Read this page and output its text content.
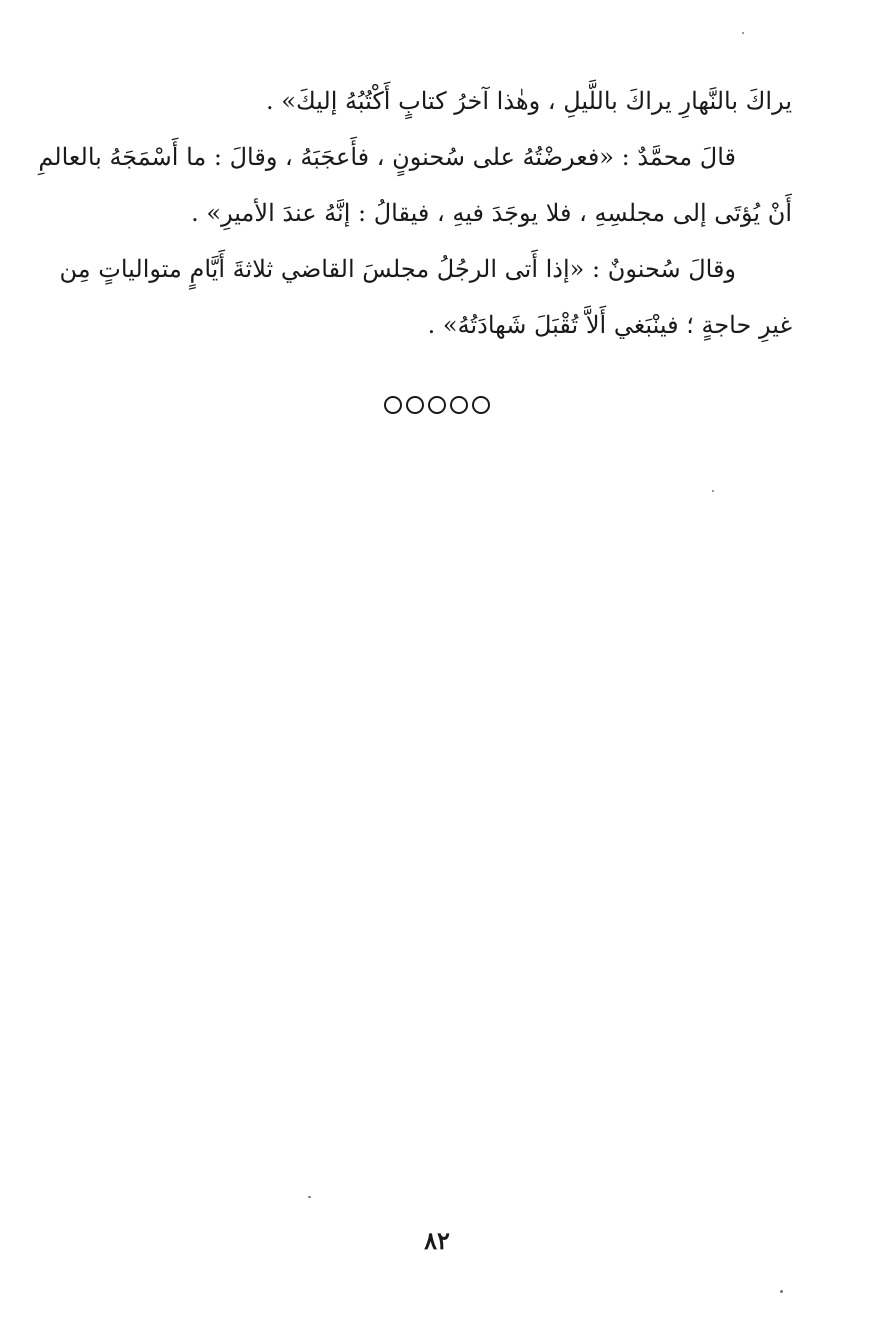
يراكَ بالنَّهارِ يراكَ باللَّيلِ ، وهٰذا آخرُ كتابٍ أَكْتُبُهُ إليكَ» .
قالَ محمَّدٌ : «فعرضْتُهُ على سُحنونٍ ، فأَعجَبَهُ ، وقالَ : ما أَسْمَجَهُ بالعالمِ
أَنْ يُؤتَى إلى مجلسِهِ ، فلا يوجَدَ فيهِ ، فيقالُ : إنَّهُ عندَ الأميرِ» .
وقالَ سُحنونٌ : «إذا أَتى الرجُلُ مجلسَ القاضي ثلاثةَ أَيَّامٍ متوالياتٍ مِن
غيرِ حاجةٍ ؛ فينْبَغي أَلاَّ تُقْبَلَ شَهادَتُهُ» .

٨٢
